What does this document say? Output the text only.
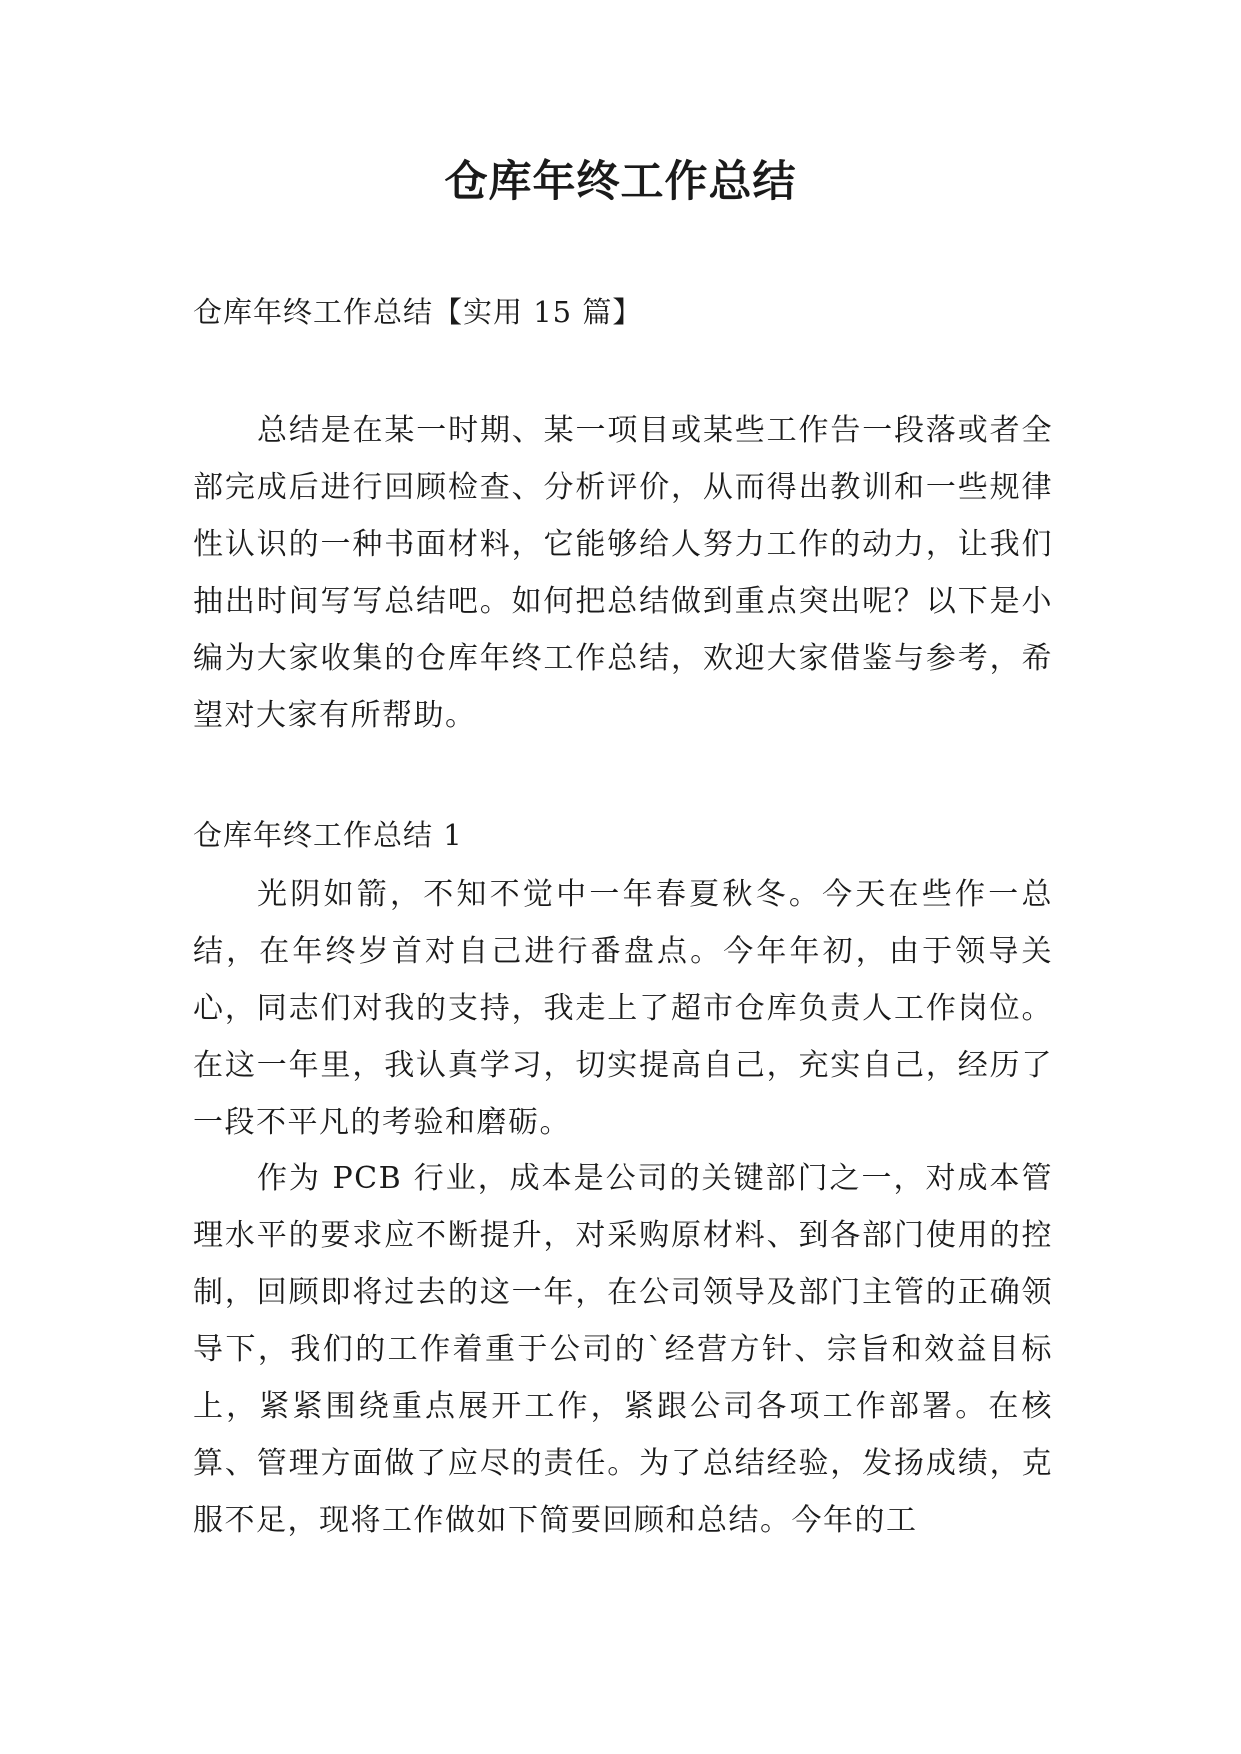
仓库年终工作总结

仓库年终工作总结【实用 15 篇】

总结是在某一时期、某一项目或某些工作告一段落或者全部完成后进行回顾检查、分析评价，从而得出教训和一些规律性认识的一种书面材料，它能够给人努力工作的动力，让我们抽出时间写写总结吧。如何把总结做到重点突出呢？以下是小编为大家收集的仓库年终工作总结，欢迎大家借鉴与参考，希望对大家有所帮助。

仓库年终工作总结 1

光阴如箭，不知不觉中一年春夏秋冬。今天在些作一总结，在年终岁首对自己进行番盘点。今年年初，由于领导关心，同志们对我的支持，我走上了超市仓库负责人工作岗位。在这一年里，我认真学习，切实提高自己，充实自己，经历了一段不平凡的考验和磨砺。

作为 PCB 行业，成本是公司的关键部门之一，对成本管理水平的要求应不断提升，对采购原材料、到各部门使用的控制，回顾即将过去的这一年，在公司领导及部门主管的正确领导下，我们的工作着重于公司的`经营方针、宗旨和效益目标上，紧紧围绕重点展开工作，紧跟公司各项工作部署。在核算、管理方面做了应尽的责任。为了总结经验，发扬成绩，克服不足，现将工作做如下简要回顾和总结。今年的工
